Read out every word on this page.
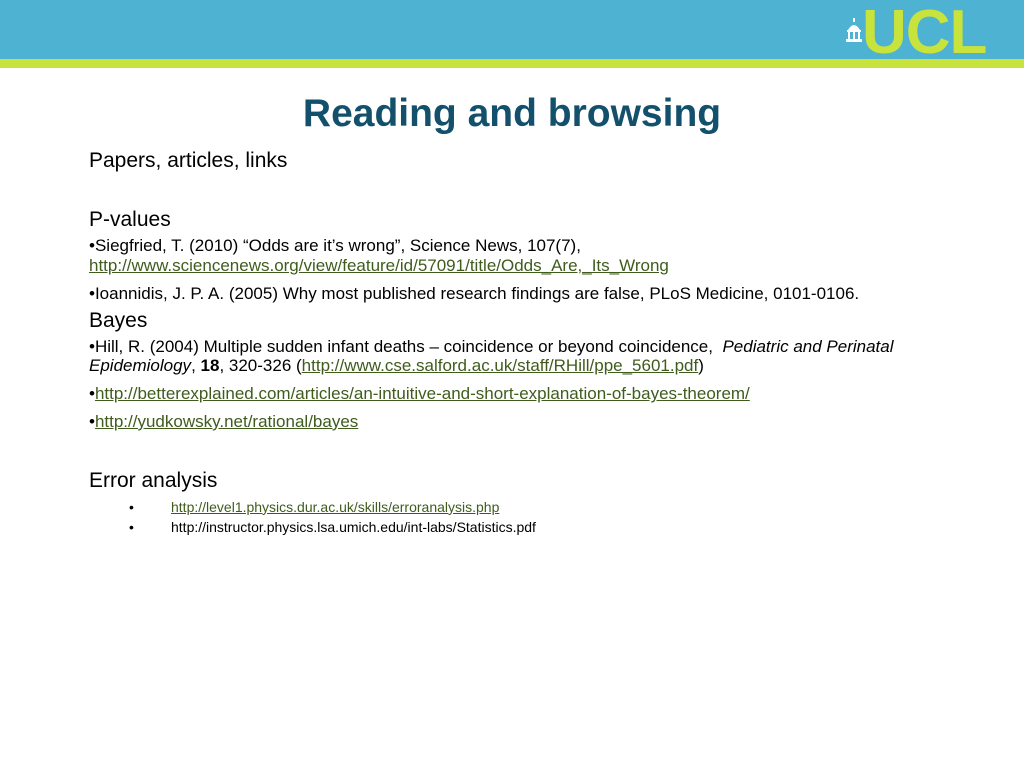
UCL
Reading and browsing
Papers, articles, links
P-values
•Siegfried, T. (2010) “Odds are it’s wrong”, Science News, 107(7),
http://www.sciencenews.org/view/feature/id/57091/title/Odds_Are,_Its_Wrong
•Ioannidis, J. P. A. (2005) Why most published research findings are false, PLoS Medicine, 0101-0106.
Bayes
•Hill, R. (2004) Multiple sudden infant deaths – coincidence or beyond coincidence, Pediatric and Perinatal Epidemiology, 18, 320-326 (http://www.cse.salford.ac.uk/staff/RHill/ppe_5601.pdf)
•http://betterexplained.com/articles/an-intuitive-and-short-explanation-of-bayes-theorem/
•http://yudkowsky.net/rational/bayes
Error analysis
•	http://level1.physics.dur.ac.uk/skills/erroranalysis.php
•	http://instructor.physics.lsa.umich.edu/int-labs/Statistics.pdf
